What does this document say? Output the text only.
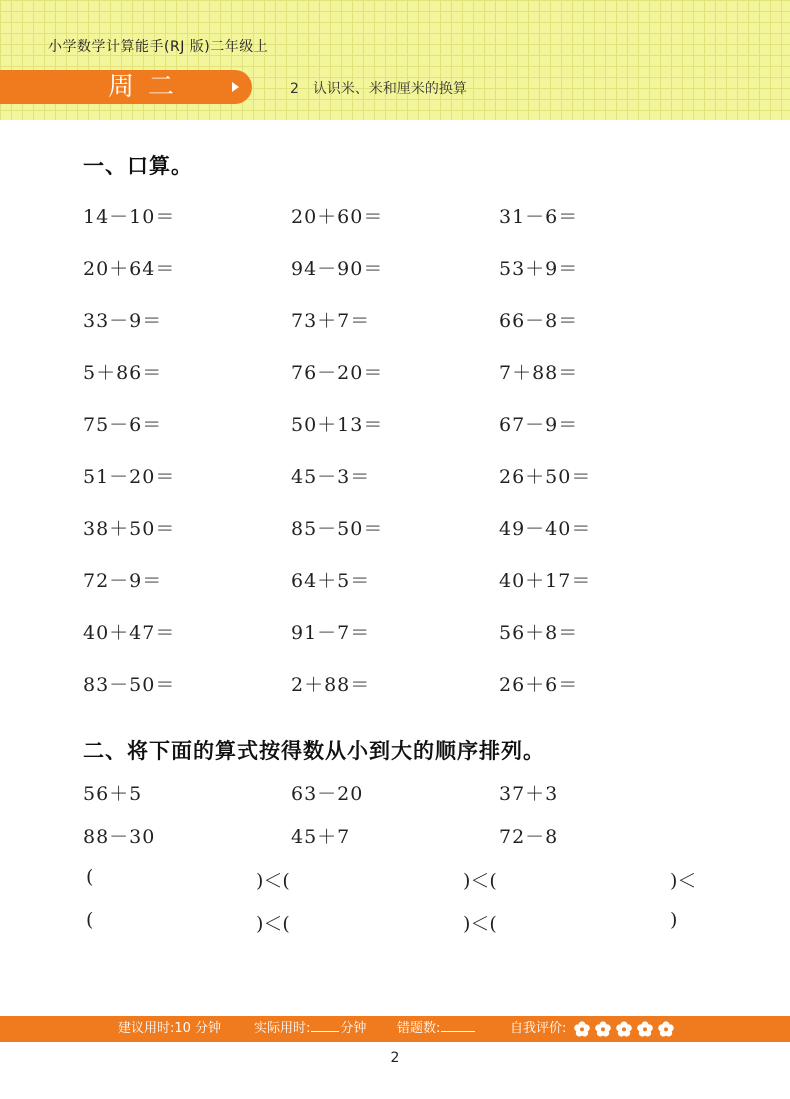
小学数学计算能手(RJ 版)二年级上
周二	2 认识米、米和厘米的换算
一、口算。
14－10＝	20＋60＝	31－6＝
20＋64＝	94－90＝	53＋9＝
33－9＝	73＋7＝	66－8＝
5＋86＝	76－20＝	7＋88＝
75－6＝	50＋13＝	67－9＝
51－20＝	45－3＝	26＋50＝
38＋50＝	85－50＝	49－40＝
72－9＝	64＋5＝	40＋17＝
40＋47＝	91－7＝	56＋8＝
83－50＝	2＋88＝	26＋6＝
二、将下面的算式按得数从小到大的顺序排列。
56＋5	63－20	37＋3
88－30	45＋7	72－8
(	)＜(	)＜(	)＜
(	)＜(	)＜(	)
建议用时:10 分钟	实际用时: 分钟 错题数:	自我评价:
2
